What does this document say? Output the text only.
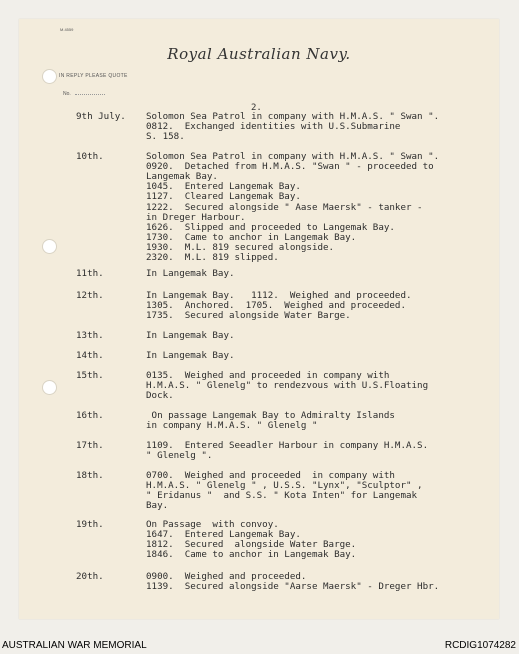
M.4559
Royal Australian Navy.
IN REPLY PLEASE QUOTE
No.
2.
9th July. Solomon Sea Patrol in company with H.M.A.S. " Swan ".
0812.  Exchanged identities with U.S.Submarine
S. 158.
10th.	Solomon Sea Patrol in company with H.M.A.S. " Swan ".
0920.  Detached from H.M.A.S. "Swan " - proceeded to
Langemak Bay.
1045.  Entered Langemak Bay.
1127.  Cleared Langemak Bay.
1222.  Secured alongside " Aase Maersk" - tanker -
in Dreger Harbour.
1626.  Slipped and proceeded to Langemak Bay.
1730.  Came to anchor in Langemak Bay.
1930.  M.L. 819 secured alongside.
2320.  M.L. 819 slipped.
11th.	In Langemak Bay.
12th.	In Langemak Bay.   1112.  Weighed and proceeded.
1305.  Anchored.  1705.  Weighed and proceeded.
1735.  Secured alongside Water Barge.
13th.	In Langemak Bay.
14th.	In Langemak Bay.
15th.	0135.  Weighed and proceeded in company with
H.M.A.S. " Glenelg" to rendezvous with U.S.Floating
Dock.
16th.	On passage Langemak Bay to Admiralty Islands
in company H.M.A.S. " Glenelg "
17th.	1109.  Entered Seeadler Harbour in company H.M.A.S.
" Glenelg ".
18th.	0700.  Weighed and proceeded  in company with
H.M.A.S. " Glenelg " , U.S.S. "Lynx", "Sculptor" ,
" Eridanus "  and S.S. " Kota Inten" for Langemak
Bay.
19th.	On Passage  with convoy.
1647.  Entered Langemak Bay.
1812.  Secured  alongside Water Barge.
1846.  Came to anchor in Langemak Bay.
20th.	0900.  Weighed and proceeded.
1139.  Secured alongside "Aarse Maersk" - Dreger Hbr.
AUSTRALIAN WAR MEMORIAL	RCDIG1074282
